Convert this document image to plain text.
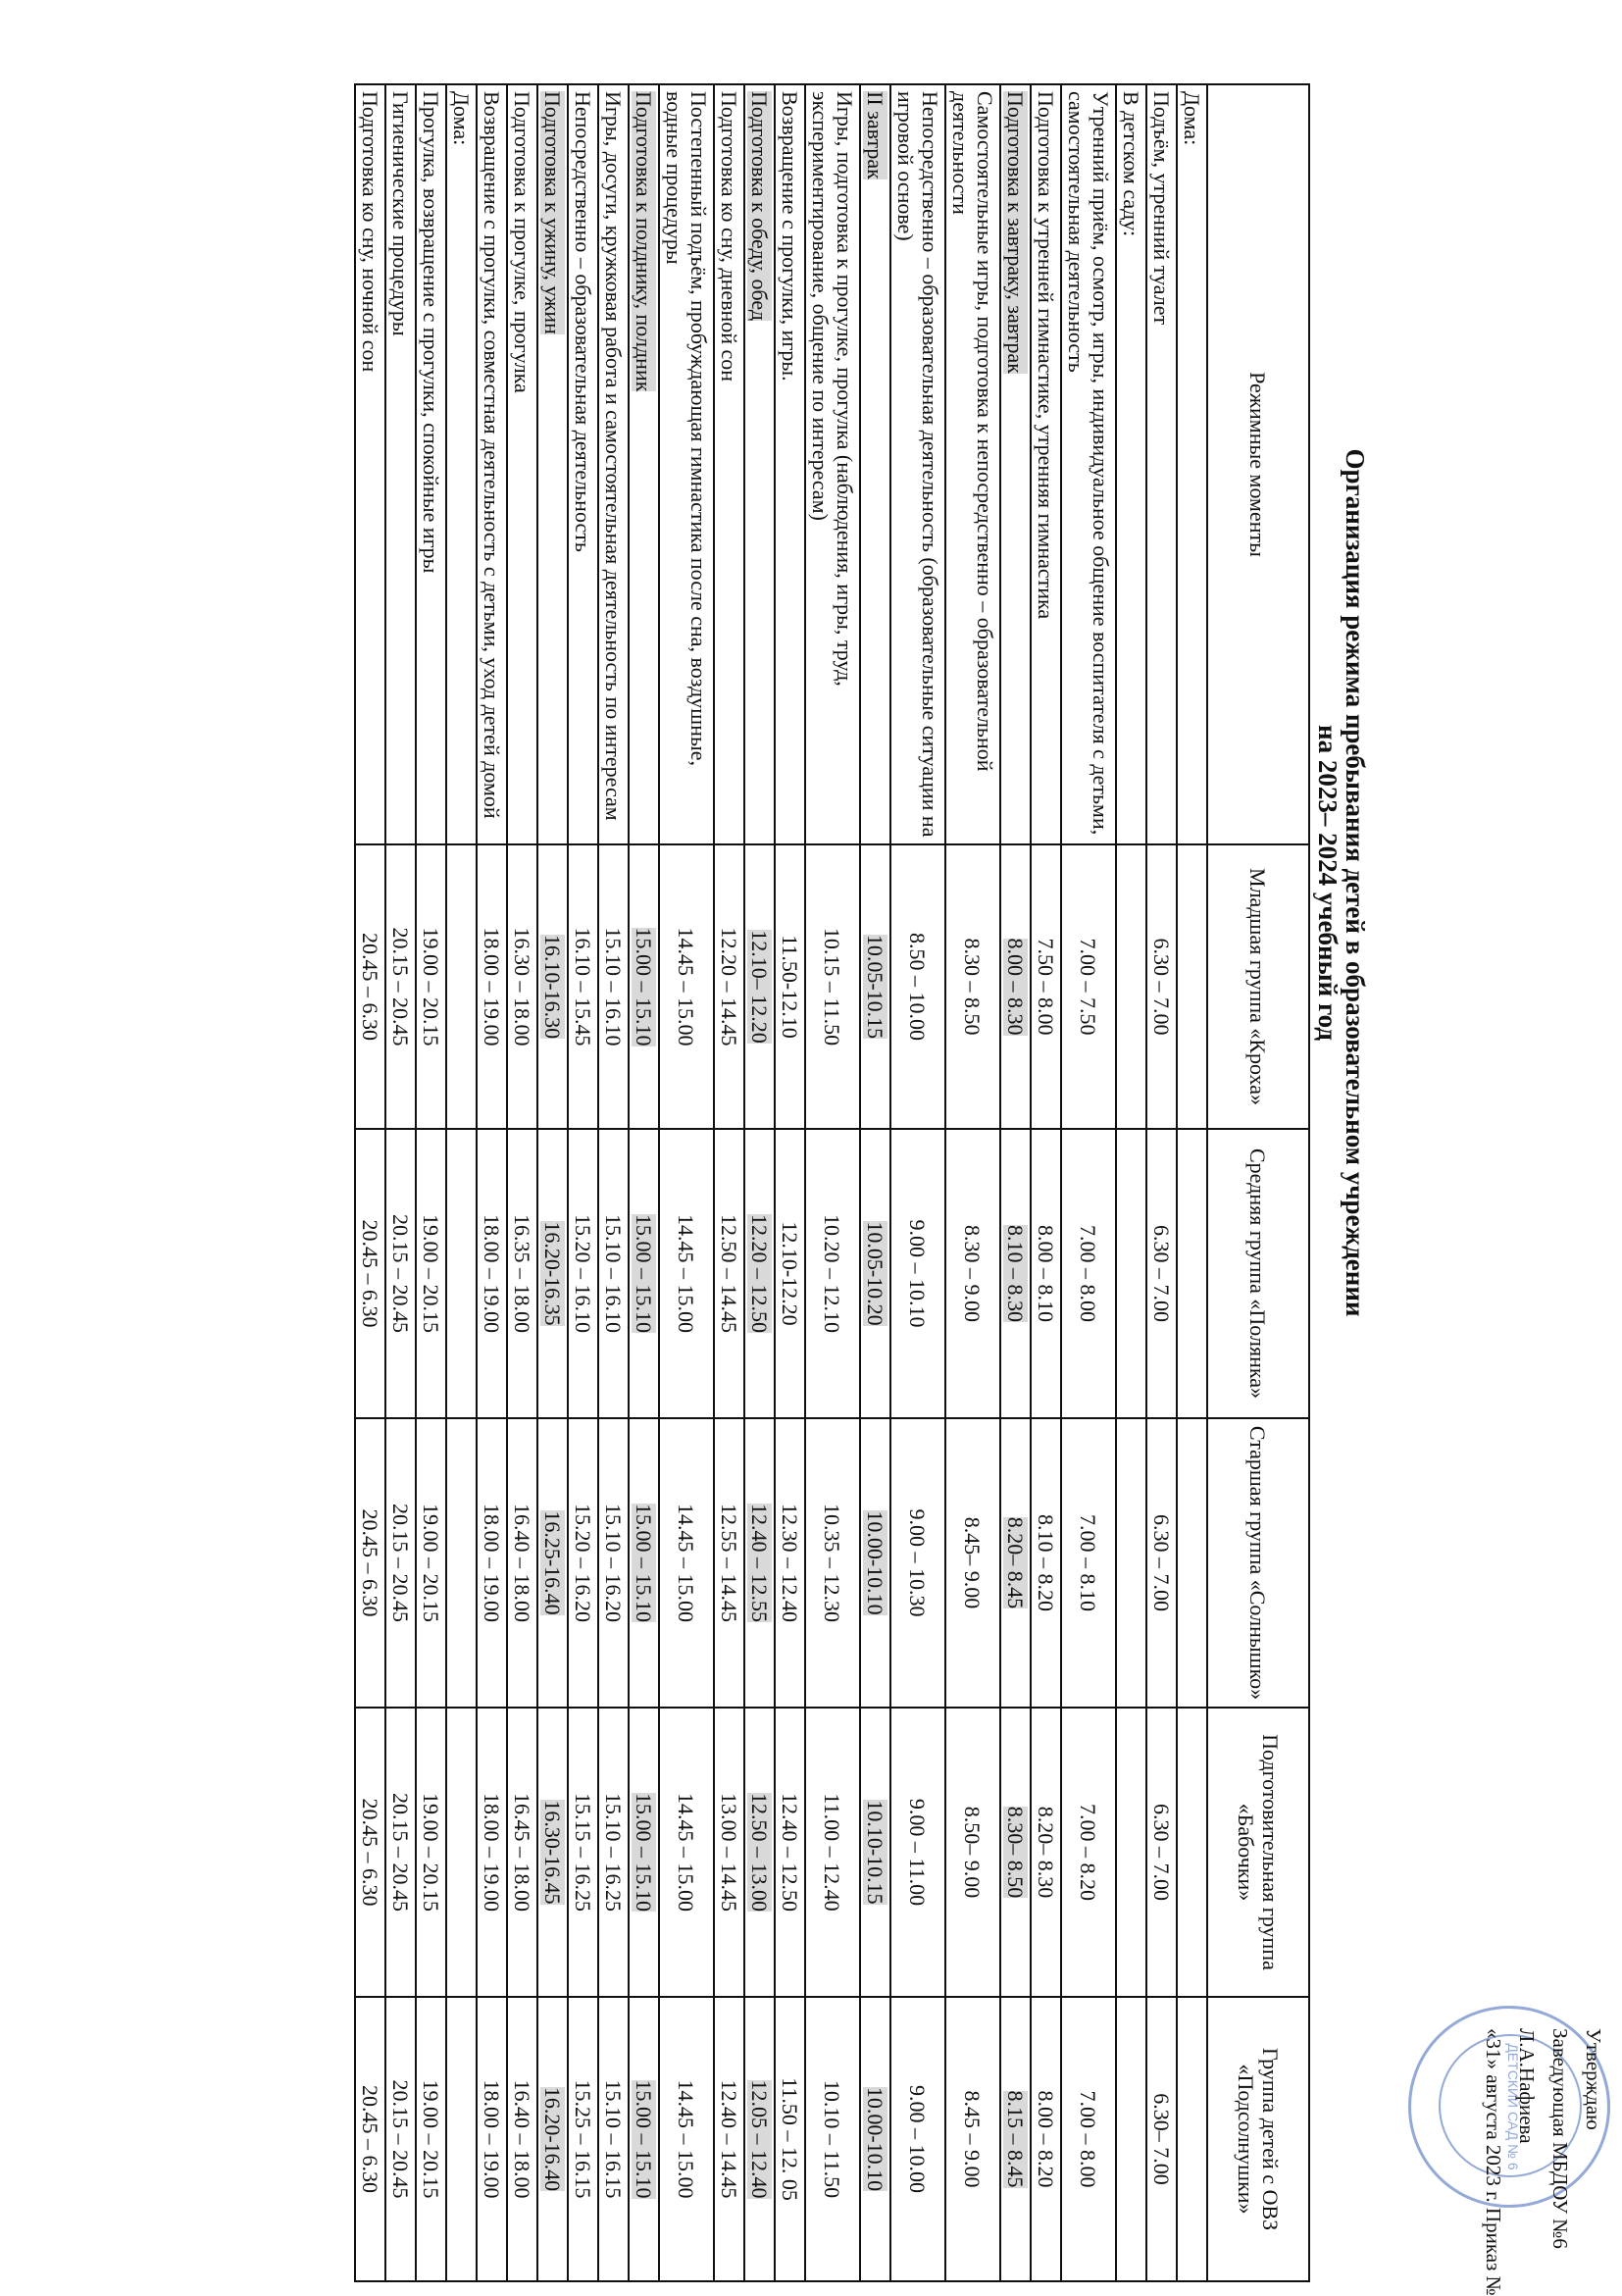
ДЕТСКИЙ САД № 6	Утверждаю
Заведующая МБДОУ №6
Л.А.Нафиева
«31» августа 2023 г. Приказ №
Организация режима пребывания детей в образовательном учреждении
на 2023– 2024 учебный год
Режимные моменты	Младшая группа «Кроха»	Средняя группа «Полянка»	Старшая группа «Солнышко»	Подготовительная группа «Бабочки»	Группа детей с ОВЗ «Подсолнушки»
Дома:					
Подъём, утренний туалет	6.30 – 7.00	6.30 – 7.00	6.30 – 7.00	6.30 – 7.00	6.30– 7.00
В детском саду:					
Утренний приём, осмотр, игры, индивидуальное общение воспитателя с детьми, самостоятельная деятельность	7.00 – 7.50	7.00 – 8.00	7.00 – 8.10	7.00 – 8.20	7.00 – 8.00
Подготовка к утренней гимнастике, утренняя гимнастика	7.50 – 8.00	8.00 – 8.10	8.10 – 8.20	8.20– 8.30	8.00 – 8.20
Подготовка к завтраку, завтрак	8.00 – 8.30	8.10 – 8.30	8.20– 8.45	8.30– 8.50	8.15 – 8.45
Самостоятельные игры, подготовка к непосредственно – образовательной деятельности	8.30 – 8.50	8.30 – 9.00	8.45– 9.00	8.50– 9.00	8.45 – 9.00
Непосредственно – образовательная деятельность (образовательные ситуации на игровой основе)	8.50 – 10.00	9.00 – 10.10	9.00 – 10.30	9.00 – 11.00	9.00 – 10.00
II завтрак	10.05-10.15	10.05-10.20	10.00-10.10	10.10-10.15	10.00-10.10
Игры, подготовка к прогулке, прогулка (наблюдения, игры, труд, экспериментирование, общение по интересам)	10.15 – 11.50	10.20 – 12.10	10.35 – 12.30	11.00 – 12.40	10.10 – 11.50
Возвращение с прогулки, игры.	11.50-12.10	12.10-12.20	12.30 – 12.40	12.40 – 12.50	11.50 – 12. 05
Подготовка к обеду, обед	12.10– 12.20	12.20 – 12.50	12.40 – 12.55	12.50 – 13.00	12.05 – 12.40
Подготовка ко сну, дневной сон	12.20 – 14.45	12.50 – 14.45	12.55 – 14.45	13.00 – 14.45	12.40 – 14.45
Постепенный подъём, пробуждающая гимнастика после сна, воздушные, водные процедуры	14.45 – 15.00	14.45 – 15.00	14.45 – 15.00	14.45 – 15.00	14.45 – 15.00
Подготовка к полднику, полдник	15.00 – 15.10	15.00 – 15.10	15.00 – 15.10	15.00 – 15.10	15.00 – 15.10
Игры, досуги, кружковая работа и самостоятельная деятельность по интересам	15.10 – 16.10	15.10 – 16.10	15.10 – 16.20	15.10 – 16.25	15.10 – 16.15
Непосредственно – образовательная деятельность	16.10 – 15.45	15.20 – 16.10	15.20 – 16.20	15.15 – 16.25	15.25 – 16.15
Подготовка к ужину, ужин	16.10-16.30	16.20-16.35	16.25-16.40	16.30-16.45	16.20-16.40
Подготовка к прогулке, прогулка	16.30 – 18.00	16.35 – 18.00	16.40 – 18.00	16.45 – 18.00	16.40 – 18.00
Возвращение с прогулки, совместная деятельность с детьми, уход детей домой	18.00 – 19.00	18.00 – 19.00	18.00 – 19.00	18.00 – 19.00	18.00 – 19.00
Дома:					
Прогулка, возвращение с прогулки, спокойные игры	19.00 – 20.15	19.00 – 20.15	19.00 – 20.15	19.00 – 20.15	19.00 – 20.15
Гигиенические процедуры	20.15 – 20.45	20.15 – 20.45	20.15 – 20.45	20.15 – 20.45	20.15 – 20.45
Подготовка ко сну, ночной сон	20.45 – 6.30	20.45 – 6.30	20.45 – 6.30	20.45 – 6.30	20.45 – 6.30
